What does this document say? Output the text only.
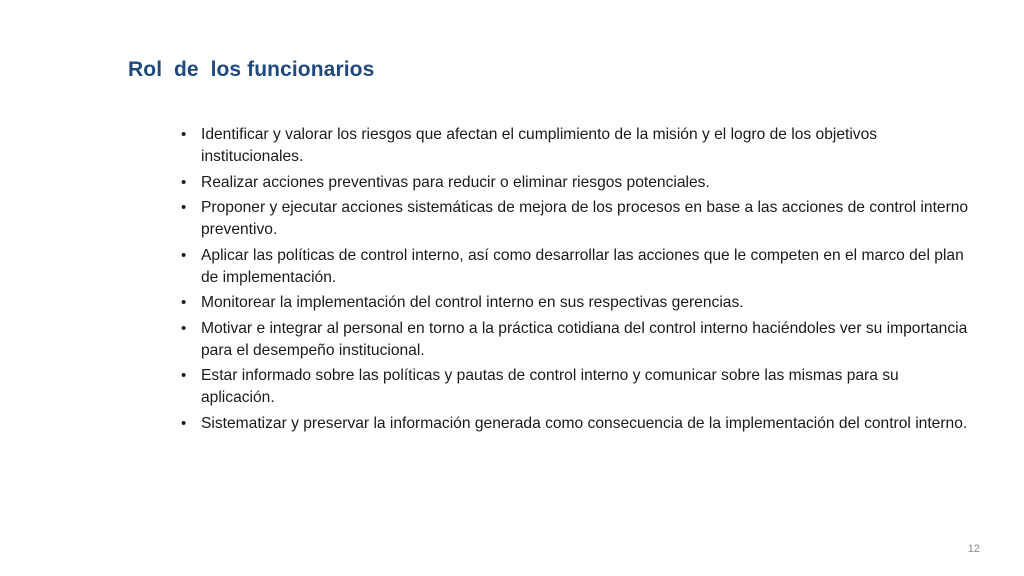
Rol  de  los funcionarios
• Identificar y valorar los riesgos que afectan el cumplimiento de la misión y el logro de los objetivos institucionales.
• Realizar acciones preventivas para reducir o eliminar riesgos potenciales.
• Proponer y ejecutar acciones sistemáticas de mejora de los procesos en base a las acciones de control interno preventivo.
• Aplicar las políticas de control interno, así como desarrollar las acciones que le competen en el marco del plan de implementación.
• Monitorear la implementación del control interno en sus respectivas gerencias.
• Motivar e integrar al personal en torno a la práctica cotidiana del control interno haciéndoles ver su importancia para el desempeño institucional.
• Estar informado sobre las políticas y pautas de control interno y comunicar sobre las mismas para su aplicación.
• Sistematizar y preservar la información generada como consecuencia de la implementación del control interno.
12
